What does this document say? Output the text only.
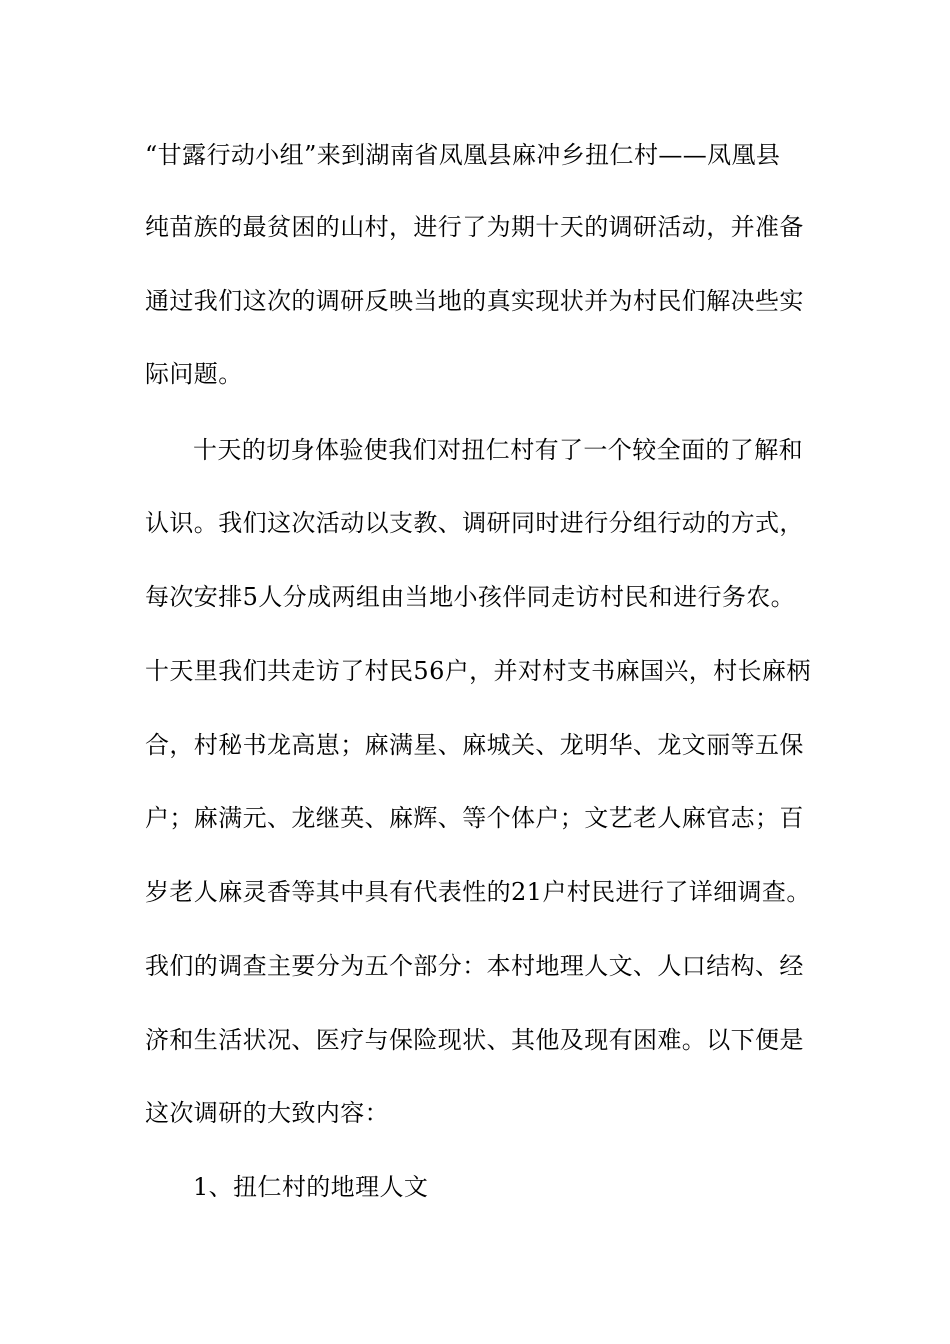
“甘露行动小组”来到湖南省凤凰县麻冲乡扭仁村——凤凰县
纯苗族的最贫困的山村，进行了为期十天的调研活动，并准备
通过我们这次的调研反映当地的真实现状并为村民们解决些实
际问题。
十天的切身体验使我们对扭仁村有了一个较全面的了解和
认识。我们这次活动以支教、调研同时进行分组行动的方式，
每次安排5人分成两组由当地小孩伴同走访村民和进行务农。
十天里我们共走访了村民56户，并对村支书麻国兴，村长麻柄
合，村秘书龙高崽；麻满星、麻城关、龙明华、龙文丽等五保
户；麻满元、龙继英、麻辉、等个体户；文艺老人麻官志；百
岁老人麻灵香等其中具有代表性的21户村民进行了详细调查。
我们的调查主要分为五个部分：本村地理人文、人口结构、经
济和生活状况、医疗与保险现状、其他及现有困难。以下便是
这次调研的大致内容：
1、扭仁村的地理人文
